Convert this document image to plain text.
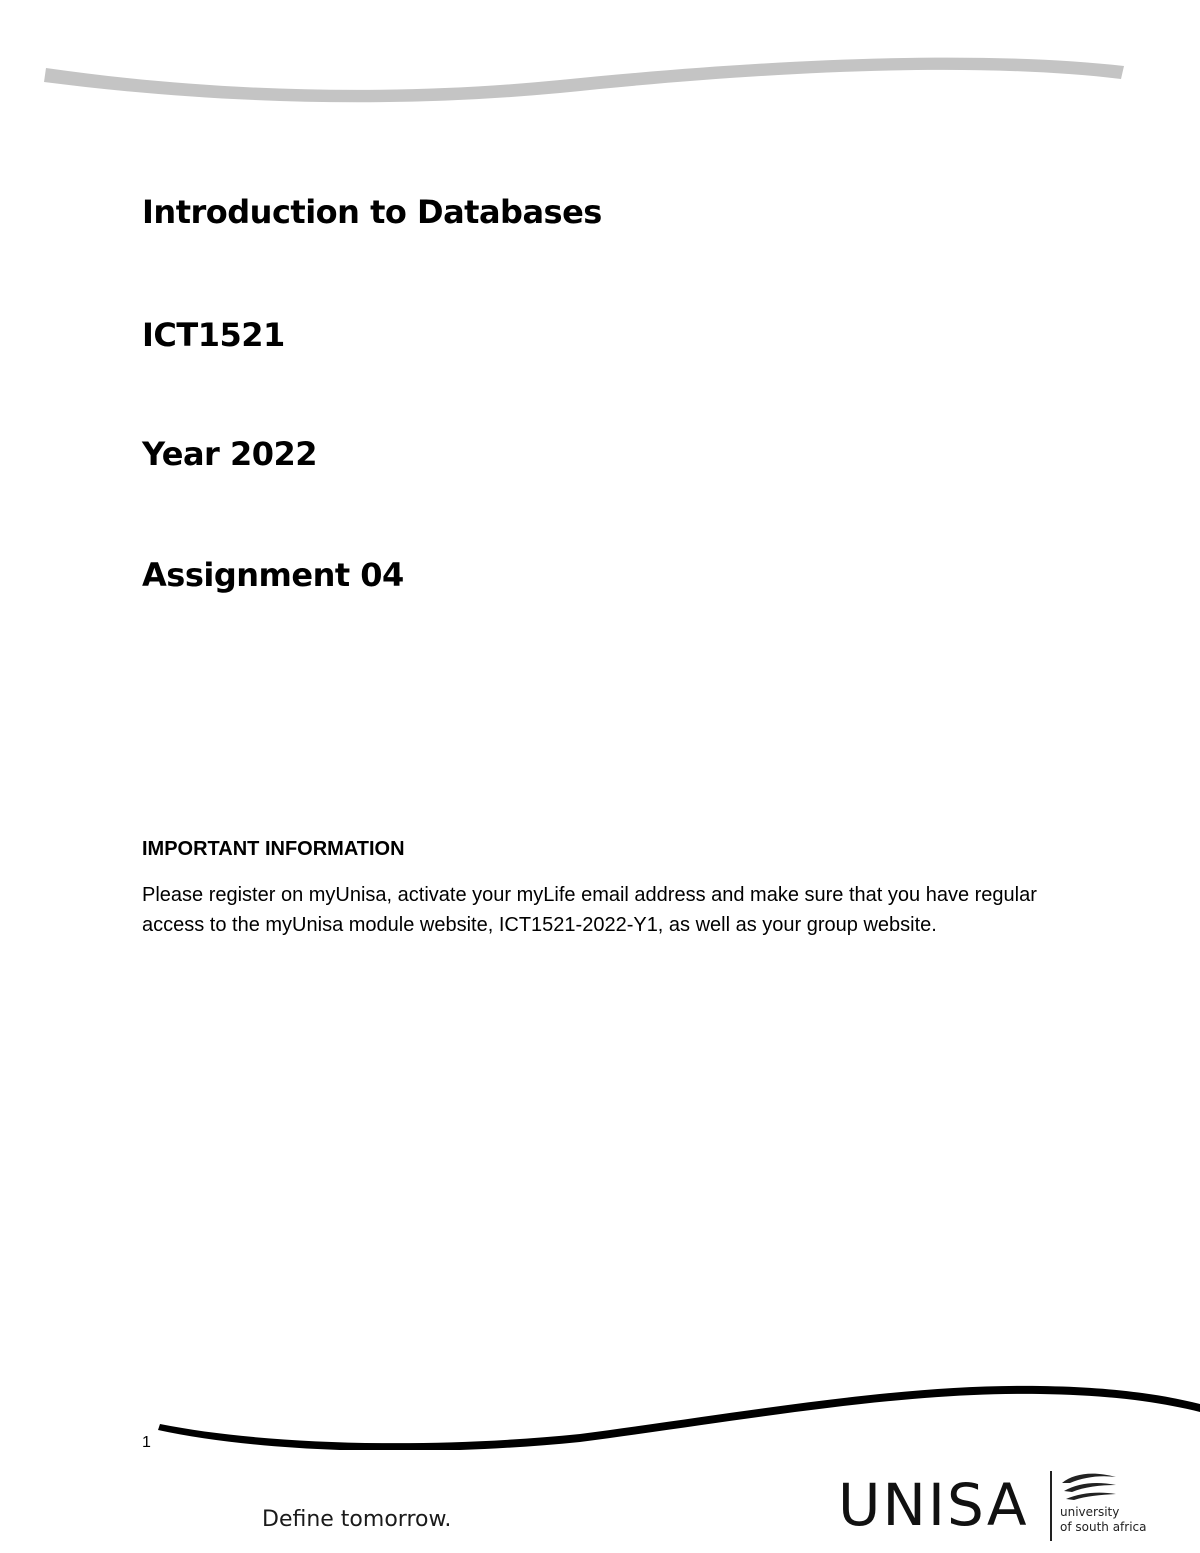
Introduction to Databases
ICT1521
Year 2022
Assignment 04
IMPORTANT INFORMATION

Please register on myUnisa, activate your myLife email address and make sure that you have regular access to the myUnisa module website, ICT1521-2022-Y1, as well as your group website.

1
Define tomorrow.	UNISA	university
of south africa
